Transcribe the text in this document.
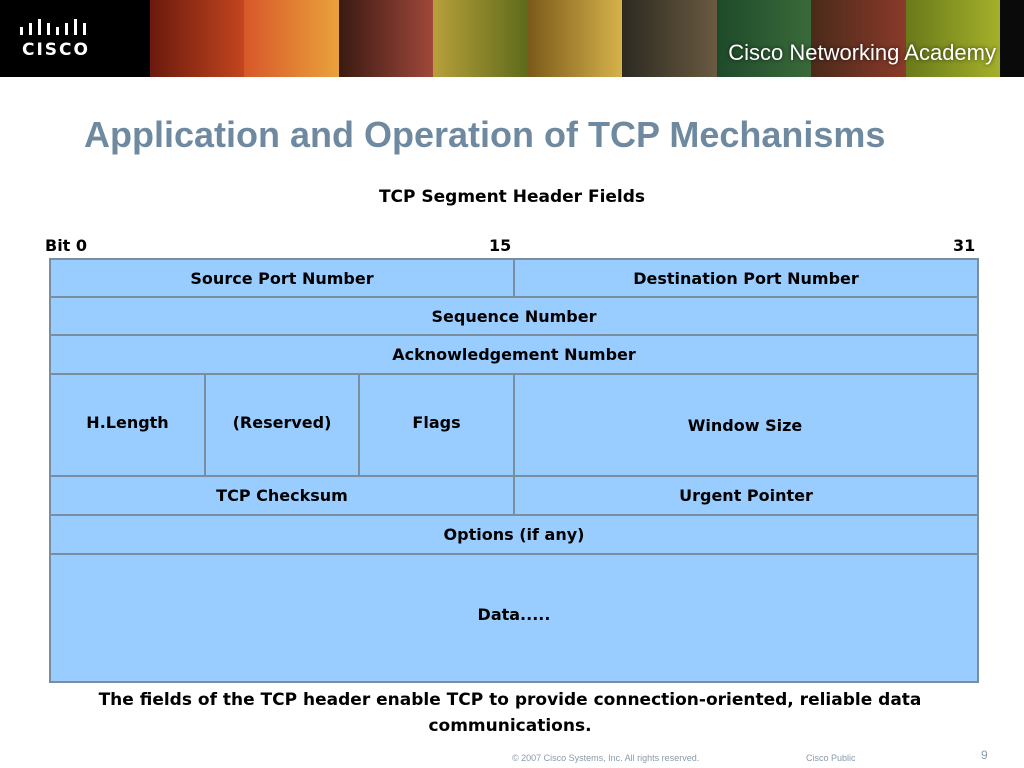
CISCO	Cisco Networking Academy
Application and Operation of TCP Mechanisms
TCP Segment Header Fields
Bit 0	15	31
Source Port Number	Destination Port Number
Sequence Number
Acknowledgement Number
H.Length	(Reserved)	Flags	Window Size
TCP Checksum	Urgent Pointer
Options (if any)
Data.....
The fields of the TCP header enable TCP to provide connection-oriented, reliable data communications.
© 2007 Cisco Systems, Inc. All rights reserved.	Cisco Public	9
